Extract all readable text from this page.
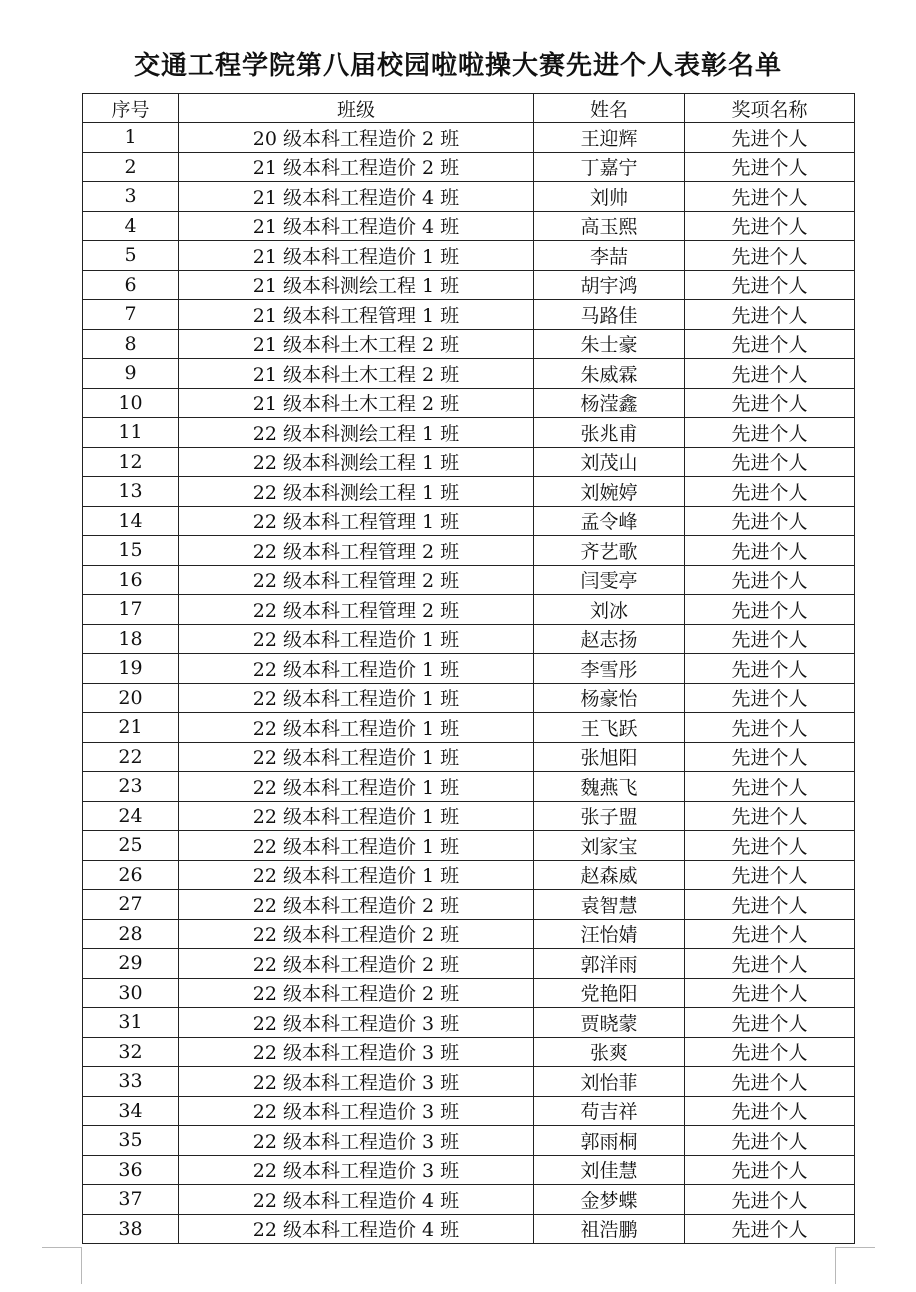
交通工程学院第八届校园啦啦操大赛先进个人表彰名单
序号	班级	姓名	奖项名称
1	20 级本科工程造价 2 班	王迎辉	先进个人
2	21 级本科工程造价 2 班	丁嘉宁	先进个人
3	21 级本科工程造价 4 班	刘帅	先进个人
4	21 级本科工程造价 4 班	高玉熙	先进个人
5	21 级本科工程造价 1 班	李喆	先进个人
6	21 级本科测绘工程 1 班	胡宇鸿	先进个人
7	21 级本科工程管理 1 班	马路佳	先进个人
8	21 级本科土木工程 2 班	朱士豪	先进个人
9	21 级本科土木工程 2 班	朱威霖	先进个人
10	21 级本科土木工程 2 班	杨滢鑫	先进个人
11	22 级本科测绘工程 1 班	张兆甫	先进个人
12	22 级本科测绘工程 1 班	刘茂山	先进个人
13	22 级本科测绘工程 1 班	刘婉婷	先进个人
14	22 级本科工程管理 1 班	孟令峰	先进个人
15	22 级本科工程管理 2 班	齐艺歌	先进个人
16	22 级本科工程管理 2 班	闫雯亭	先进个人
17	22 级本科工程管理 2 班	刘冰	先进个人
18	22 级本科工程造价 1 班	赵志扬	先进个人
19	22 级本科工程造价 1 班	李雪彤	先进个人
20	22 级本科工程造价 1 班	杨豪怡	先进个人
21	22 级本科工程造价 1 班	王飞跃	先进个人
22	22 级本科工程造价 1 班	张旭阳	先进个人
23	22 级本科工程造价 1 班	魏燕飞	先进个人
24	22 级本科工程造价 1 班	张子盟	先进个人
25	22 级本科工程造价 1 班	刘家宝	先进个人
26	22 级本科工程造价 1 班	赵森威	先进个人
27	22 级本科工程造价 2 班	袁智慧	先进个人
28	22 级本科工程造价 2 班	汪怡婧	先进个人
29	22 级本科工程造价 2 班	郭洋雨	先进个人
30	22 级本科工程造价 2 班	党艳阳	先进个人
31	22 级本科工程造价 3 班	贾晓蒙	先进个人
32	22 级本科工程造价 3 班	张爽	先进个人
33	22 级本科工程造价 3 班	刘怡菲	先进个人
34	22 级本科工程造价 3 班	苟吉祥	先进个人
35	22 级本科工程造价 3 班	郭雨桐	先进个人
36	22 级本科工程造价 3 班	刘佳慧	先进个人
37	22 级本科工程造价 4 班	金梦蝶	先进个人
38	22 级本科工程造价 4 班	祖浩鹏	先进个人
